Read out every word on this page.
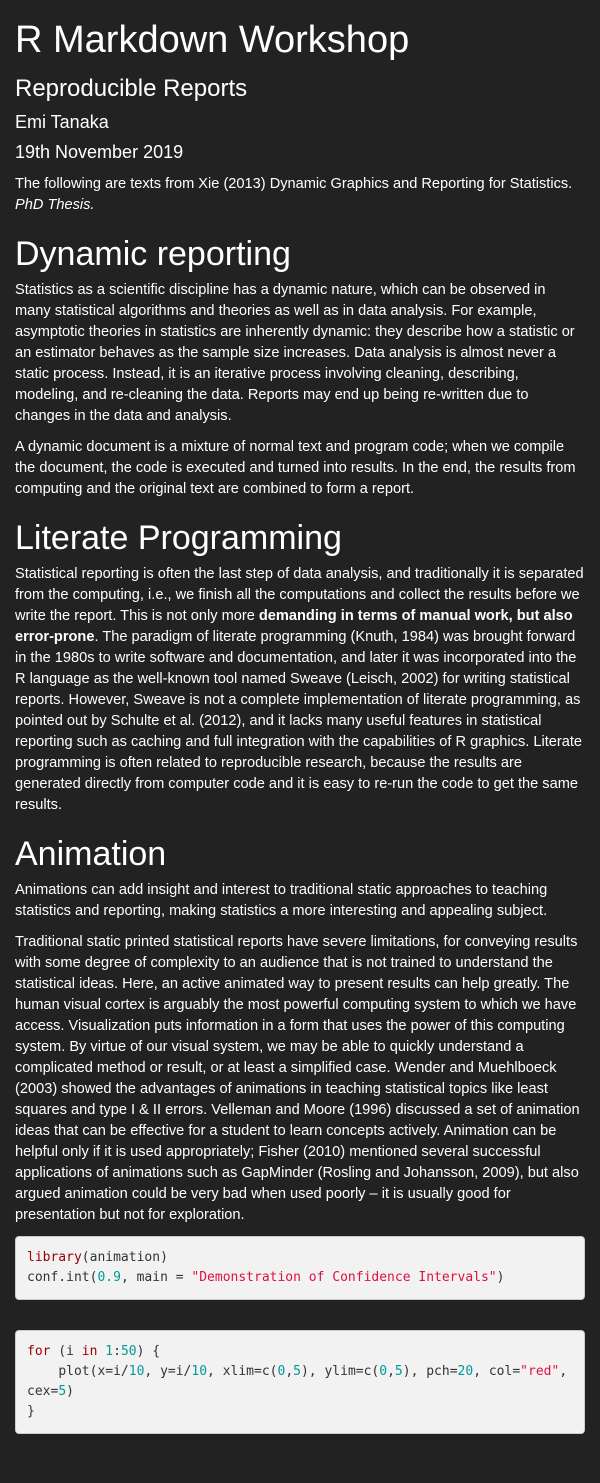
R Markdown Workshop
Reproducible Reports
Emi Tanaka
19th November 2019

The following are texts from Xie (2013) Dynamic Graphics and Reporting for Statistics. PhD Thesis.

Dynamic reporting

Statistics as a scientific discipline has a dynamic nature, which can be observed in many statistical algorithms and theories as well as in data analysis. For example, asymptotic theories in statistics are inherently dynamic: they describe how a statistic or an estimator behaves as the sample size increases. Data analysis is almost never a static process. Instead, it is an iterative process involving cleaning, describing, modeling, and re-cleaning the data. Reports may end up being re-written due to changes in the data and analysis.

A dynamic document is a mixture of normal text and program code; when we compile the document, the code is executed and turned into results. In the end, the results from computing and the original text are combined to form a report.

Literate Programming

Statistical reporting is often the last step of data analysis, and traditionally it is separated from the computing, i.e., we finish all the computations and collect the results before we write the report. This is not only more demanding in terms of manual work, but also error-prone. The paradigm of literate programming (Knuth, 1984) was brought forward in the 1980s to write software and documentation, and later it was incorporated into the R language as the well-known tool named Sweave (Leisch, 2002) for writing statistical reports. However, Sweave is not a complete implementation of literate programming, as pointed out by Schulte et al. (2012), and it lacks many useful features in statistical reporting such as caching and full integration with the capabilities of R graphics. Literate programming is often related to reproducible research, because the results are generated directly from computer code and it is easy to re-run the code to get the same results.

Animation

Animations can add insight and interest to traditional static approaches to teaching statistics and reporting, making statistics a more interesting and appealing subject.

Traditional static printed statistical reports have severe limitations, for conveying results with some degree of complexity to an audience that is not trained to understand the statistical ideas. Here, an active animated way to present results can help greatly. The human visual cortex is arguably the most powerful computing system to which we have access. Visualization puts information in a form that uses the power of this computing system. By virtue of our visual system, we may be able to quickly understand a complicated method or result, or at least a simplified case. Wender and Muehlboeck (2003) showed the advantages of animations in teaching statistical topics like least squares and type I & II errors. Velleman and Moore (1996) discussed a set of animation ideas that can be effective for a student to learn concepts actively. Animation can be helpful only if it is used appropriately; Fisher (2010) mentioned several successful applications of animations such as GapMinder (Rosling and Johansson, 2009), but also argued animation could be very bad when used poorly – it is usually good for presentation but not for exploration.

library(animation)
conf.int(0.9, main = "Demonstration of Confidence Intervals")
for (i in 1:50) {
plot(x=i/10, y=i/10, xlim=c(0,5), ylim=c(0,5), pch=20, col="red", cex=5)
}
